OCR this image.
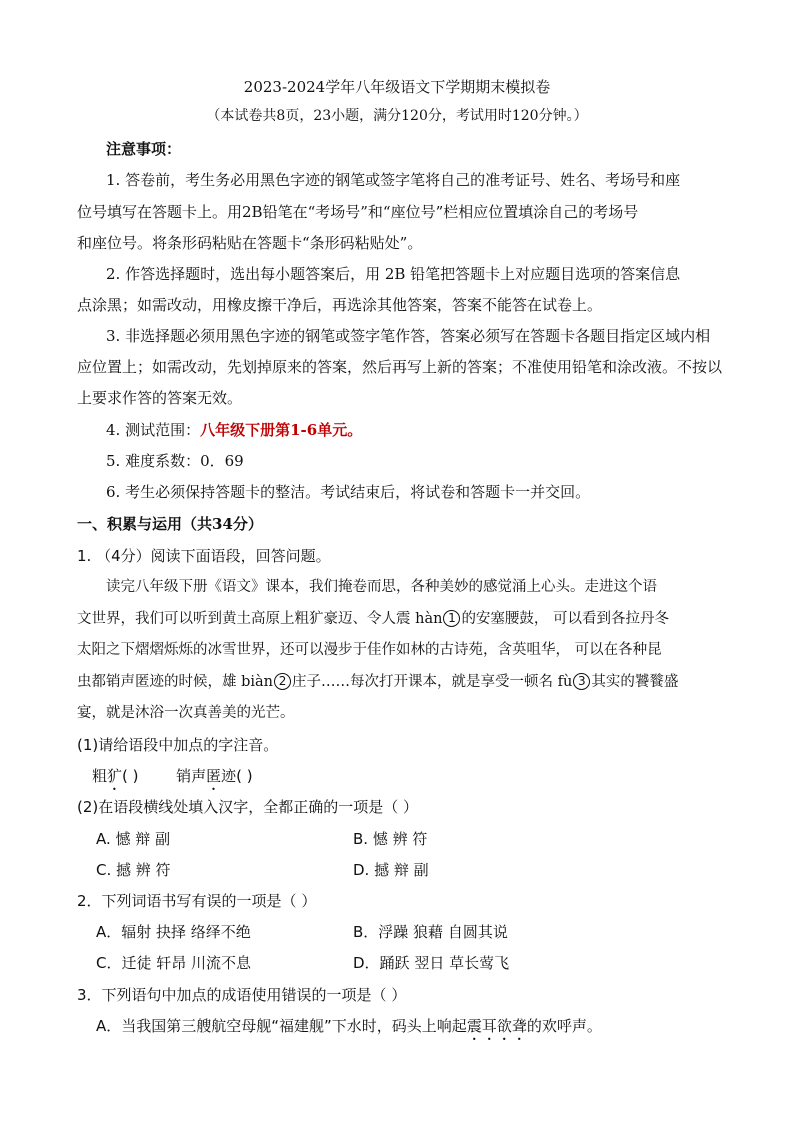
2023-2024学年八年级语文下学期期末模拟卷
（本试卷共8页，23小题，满分120分，考试用时120分钟。）
注意事项：
1. 答卷前，考生务必用黑色字迹的钢笔或签字笔将自己的准考证号、姓名、考场号和座
位号填写在答题卡上。用2B铅笔在“考场号”和“座位号”栏相应位置填涂自己的考场号
和座位号。将条形码粘贴在答题卡“条形码粘贴处”。
2. 作答选择题时，选出每小题答案后，用 2B 铅笔把答题卡上对应题目选项的答案信息
点涂黑；如需改动，用橡皮擦干净后，再选涂其他答案，答案不能答在试卷上。
3. 非选择题必须用黑色字迹的钢笔或签字笔作答，答案必须写在答题卡各题目指定区域内相
应位置上；如需改动，先划掉原来的答案，然后再写上新的答案；不准使用铅笔和涂改液。不按以
上要求作答的答案无效。
4. 测试范围：八年级下册第1-6单元。
5. 难度系数：0．69
6. 考生必须保持答题卡的整洁。考试结束后，将试卷和答题卡一并交回。
一、积累与运用（共34分）
1. （4分）阅读下面语段，回答问题。
读完八年级下册《语文》课本，我们掩卷而思，各种美妙的感觉涌上心头。走进这个语
文世界，我们可以听到黄土高原上粗犷豪迈、令人震 hàn 1 的安塞腰鼓， 可以看到各拉丹冬
太阳之下熠熠烁烁的冰雪世界，还可以漫步于佳作如林的古诗苑，含英咀华， 可以在各种昆
虫都销声匿迹的时候，雄 biàn 2 庄子……每次打开课本，就是享受一顿名 fù 3 其实的饕餮盛
宴，就是沐浴一次真善美的光芒。
(1)请给语段中加点的字注音。
粗犷( )	销声匿迹( )
(2)在语段横线处填入汉字，全都正确的一项是（ ）
A. 憾 辩 副	B. 憾 辨 符
C. 撼 辨 符	D. 撼 辩 副
2．下列词语书写有误的一项是（ ）
A．辐射 抉择 络绎不绝	B．浮躁 狼藉 自圆其说
C．迁徒 轩昂 川流不息	D．踊跃 翌日 草长莺飞
3．下列语句中加点的成语使用错误的一项是（ ）
A．当我国第三艘航空母舰“福建舰”下水时，码头上响起震耳欲聋的欢呼声。
